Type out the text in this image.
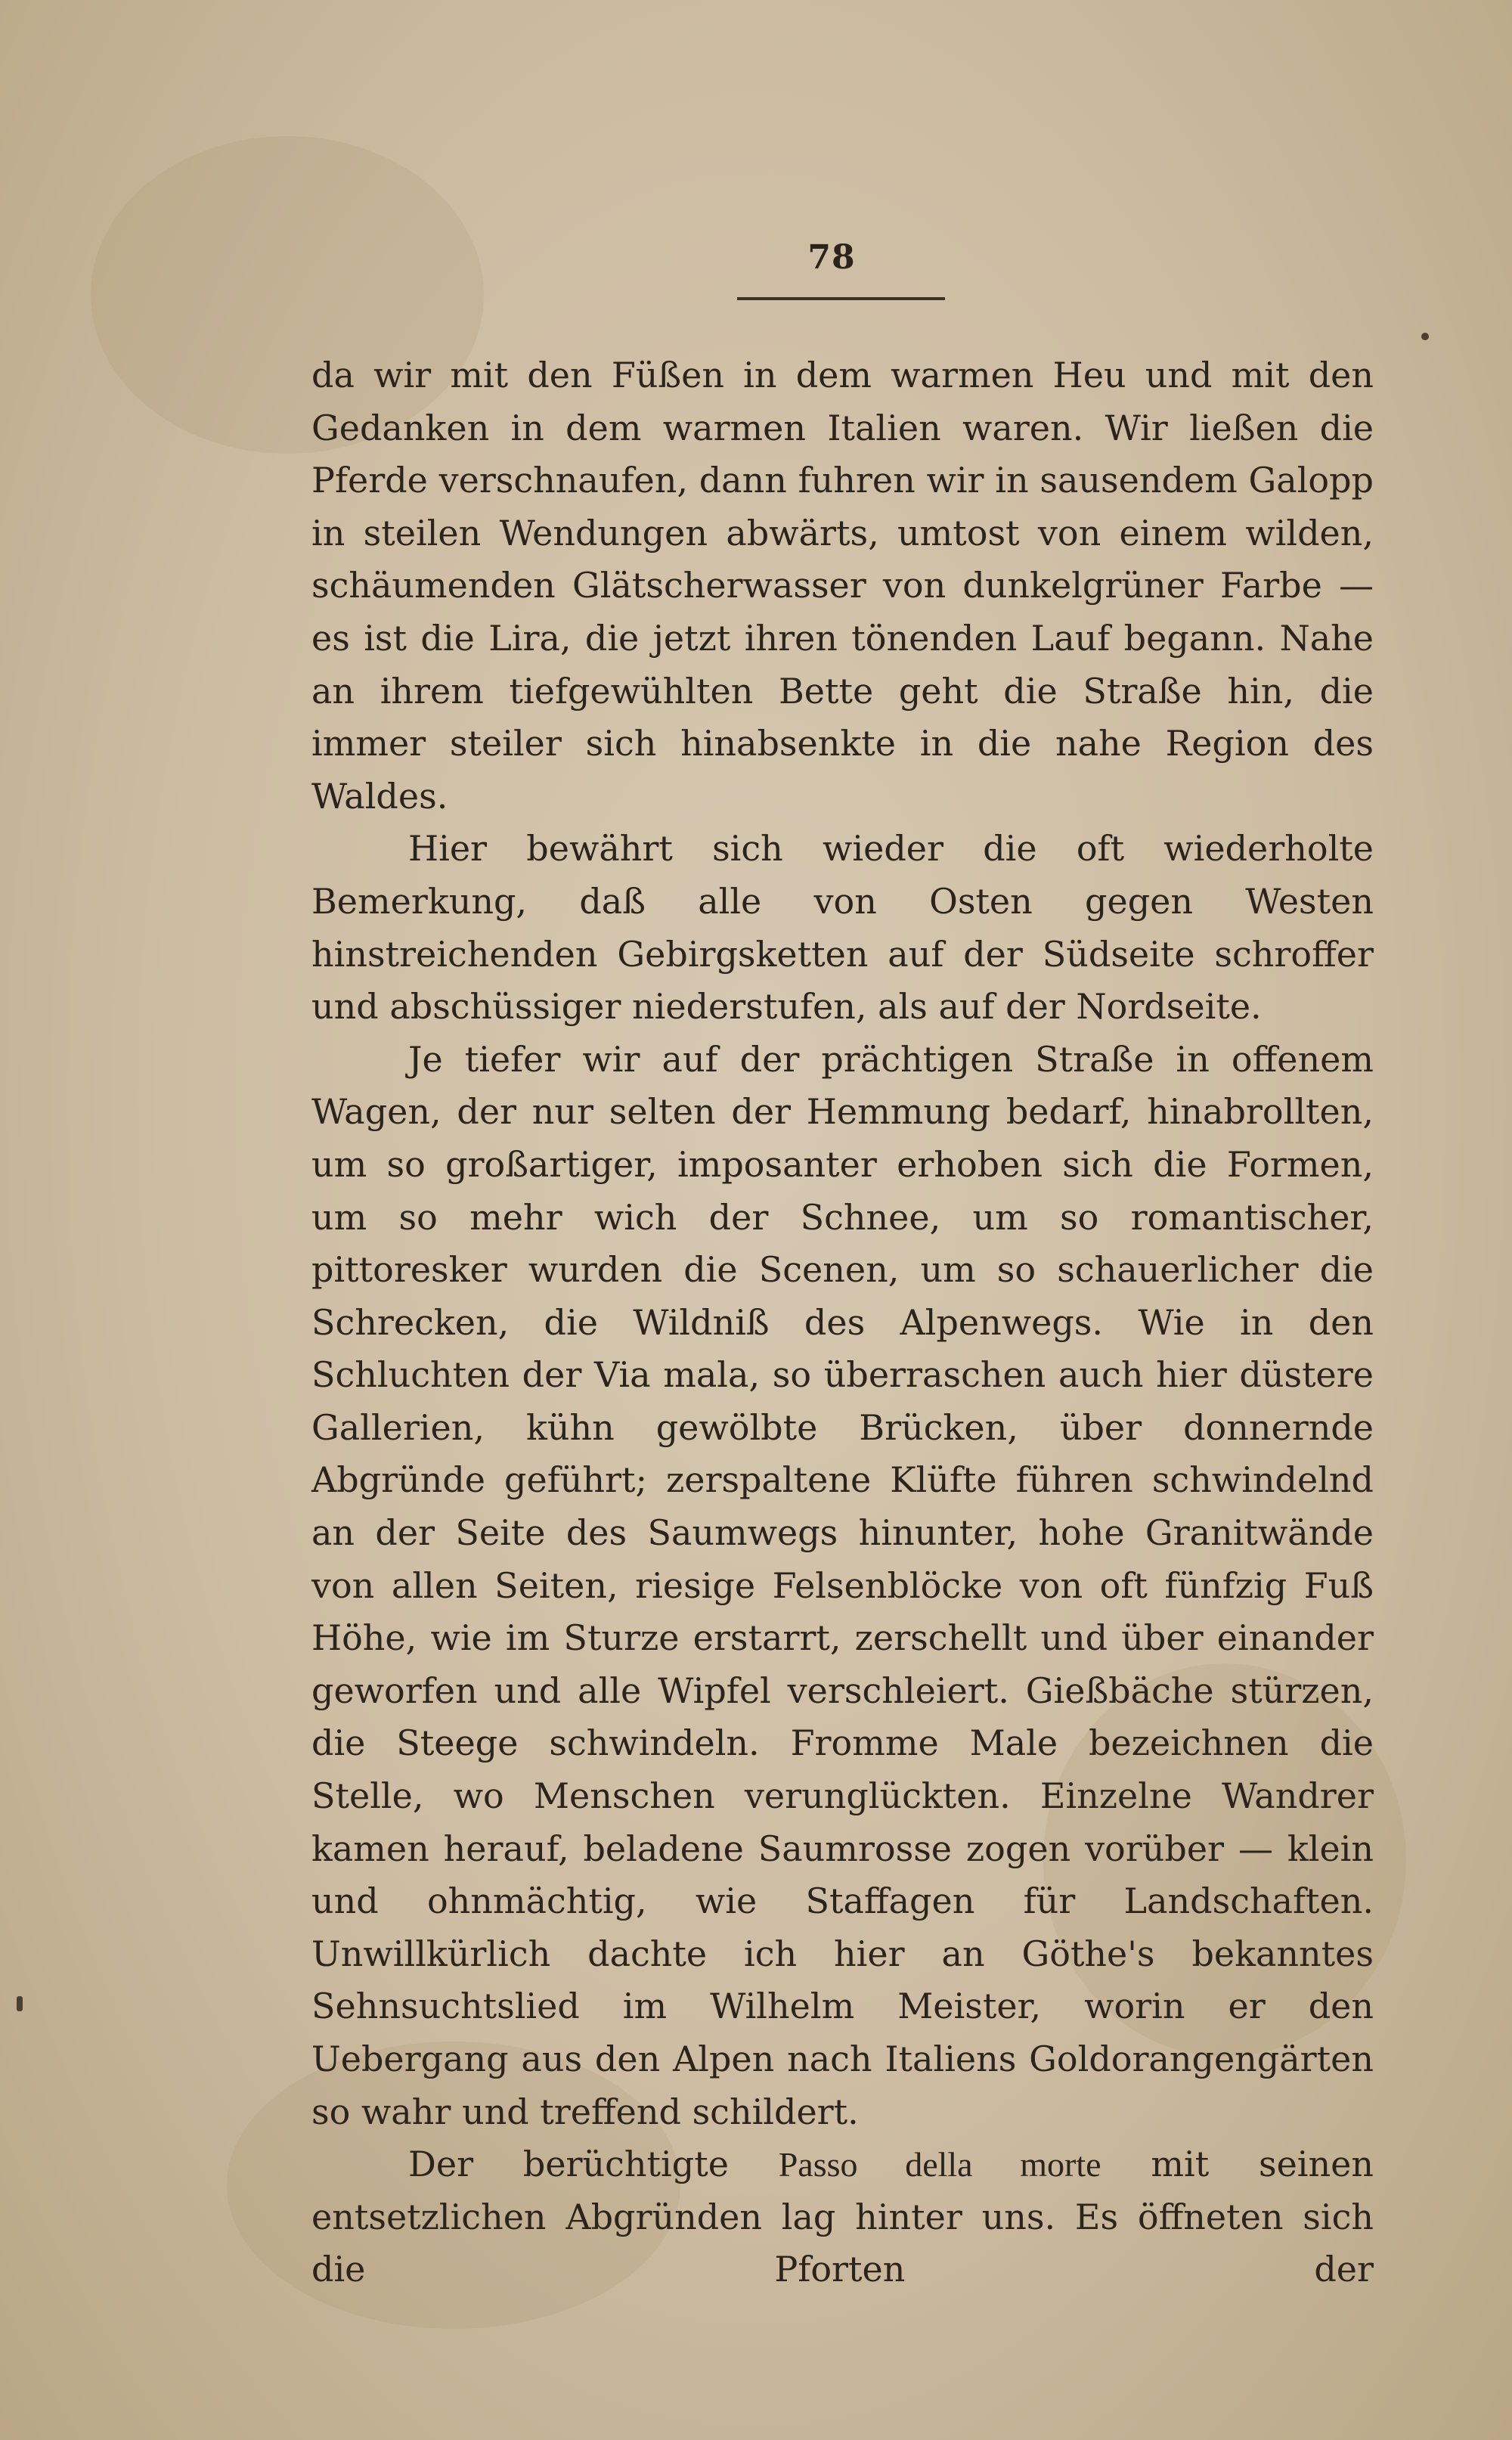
78

da wir mit den Füßen in dem warmen Heu und mit den Gedanken in dem warmen Italien waren. Wir ließen die Pferde verschnaufen, dann fuhren wir in sausendem Galopp in steilen Wendungen abwärts, umtost von einem wilden, schäumenden Glätscherwasser von dunkelgrüner Farbe — es ist die Lira, die jetzt ihren tönenden Lauf begann. Nahe an ihrem tiefgewühlten Bette geht die Straße hin, die immer steiler sich hinabsenkte in die nahe Region des Waldes.

Hier bewährt sich wieder die oft wiederholte Bemerkung, daß alle von Osten gegen Westen hinstreichenden Gebirgsketten auf der Südseite schroffer und abschüssiger niederstufen, als auf der Nordseite.

Je tiefer wir auf der prächtigen Straße in offenem Wagen, der nur selten der Hemmung bedarf, hinabrollten, um so großartiger, imposanter erhoben sich die Formen, um so mehr wich der Schnee, um so romantischer, pittoresker wurden die Scenen, um so schauerlicher die Schrecken, die Wildniß des Alpenwegs. Wie in den Schluchten der Via mala, so überraschen auch hier düstere Gallerien, kühn gewölbte Brücken, über donnernde Abgründe geführt; zerspaltene Klüfte führen schwindelnd an der Seite des Saumwegs hinunter, hohe Granitwände von allen Seiten, riesige Felsenblöcke von oft fünfzig Fuß Höhe, wie im Sturze erstarrt, zerschellt und über einander geworfen und alle Wipfel verschleiert. Gießbäche stürzen, die Steege schwindeln. Fromme Male bezeichnen die Stelle, wo Menschen verunglückten. Einzelne Wandrer kamen herauf, beladene Saumrosse zogen vorüber — klein und ohnmächtig, wie Staffagen für Landschaften. Unwillkürlich dachte ich hier an Göthe's bekanntes Sehnsuchtslied im Wilhelm Meister, worin er den Uebergang aus den Alpen nach Italiens Goldorangengärten so wahr und treffend schildert.

Der berüchtigte Passo della morte mit seinen entsetzlichen Abgründen lag hinter uns. Es öffneten sich die Pforten der
